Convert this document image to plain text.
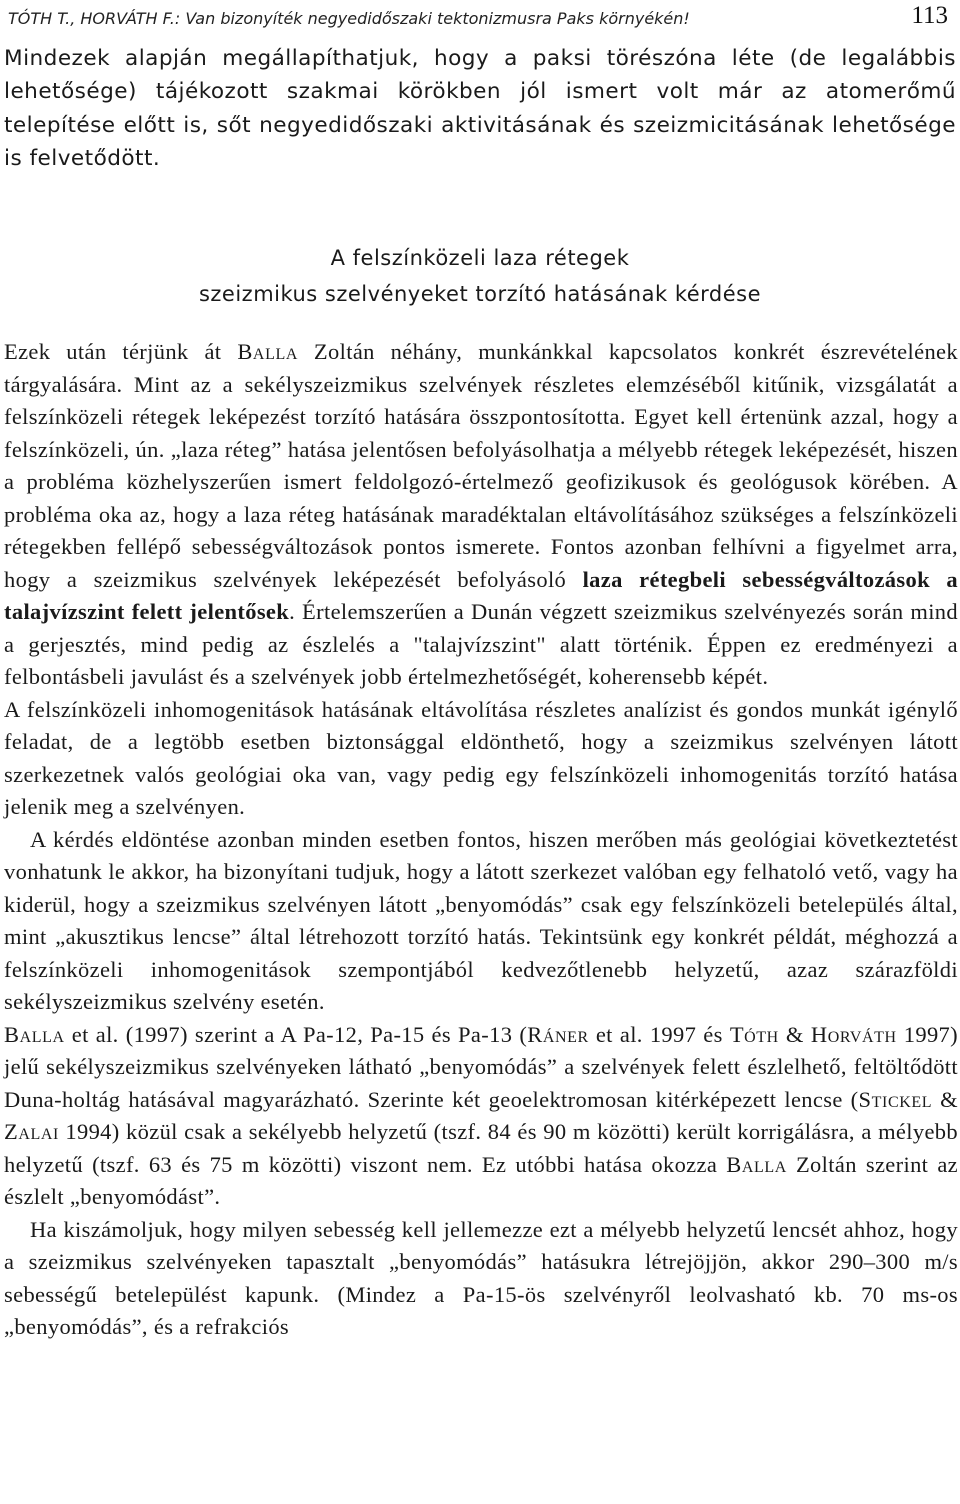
TÓTH T., HORVÁTH F.: Van bizonyíték negyedidőszaki tektonizmusra Paks környékén!	113

Mindezek alapján megállapíthatjuk, hogy a paksi törészóna léte (de legalábbis lehetősége) tájékozott szakmai körökben jól ismert volt már az atomerőmű telepítése előtt is, sőt negyedidőszaki aktivitásának és szeizmicitásának lehetősége is felvetődött.

A felszínközeli laza rétegek
szeizmikus szelvényeket torzító hatásának kérdése

Ezek után térjünk át Balla Zoltán néhány, munkánkkal kapcsolatos konkrét észrevételének tárgyalására. Mint az a sekélyszeizmikus szelvények részletes elemzéséből kitűnik, vizsgálatát a felszínközeli rétegek leképezést torzító hatására összpontosította. Egyet kell értenünk azzal, hogy a felszínközeli, ún. „laza réteg” hatása jelentősen befolyásolhatja a mélyebb rétegek leképezését, hiszen a probléma közhelyszerűen ismert feldolgozó-értelmező geofizikusok és geológusok körében. A probléma oka az, hogy a laza réteg hatásának maradéktalan eltávolításához szükséges a felszínközeli rétegekben fellépő sebességváltozások pontos ismerete. Fontos azonban felhívni a figyelmet arra, hogy a szeizmikus szelvények leképezését befolyásoló laza rétegbeli sebességváltozások a talajvízszint felett jelentősek. Értelemszerűen a Dunán végzett szeizmikus szelvényezés során mind a gerjesztés, mind pedig az észlelés a "talajvízszint" alatt történik. Éppen ez eredményezi a felbontásbeli javulást és a szelvények jobb értelmezhetőségét, koherensebb képét.

A felszínközeli inhomogenitások hatásának eltávolítása részletes analízist és gondos munkát igénylő feladat, de a legtöbb esetben biztonsággal eldönthető, hogy a szeizmikus szelvényen látott szerkezetnek valós geológiai oka van, vagy pedig egy felszínközeli inhomogenitás torzító hatása jelenik meg a szelvényen.

A kérdés eldöntése azonban minden esetben fontos, hiszen merőben más geológiai következtetést vonhatunk le akkor, ha bizonyítani tudjuk, hogy a látott szerkezet valóban egy felhatoló vető, vagy ha kiderül, hogy a szeizmikus szelvényen látott „benyomódás” csak egy felszínközeli betelepülés által, mint „akusztikus lencse” által létrehozott torzító hatás. Tekintsünk egy konkrét példát, méghozzá a felszínközeli inhomogenitások szempontjából kedvezőtlenebb helyzetű, azaz szárazföldi sekélyszeizmikus szelvény esetén.

Balla et al. (1997) szerint a A Pa-12, Pa-15 és Pa-13 (Ráner et al. 1997 és Tóth & Horváth 1997) jelű sekélyszeizmikus szelvényeken látható „benyomódás” a szelvények felett észlelhető, feltöltődött Duna-holtág hatásával magyarázható. Szerinte két geoelektromosan kitérképezett lencse (Stickel & Zalai 1994) közül csak a sekélyebb helyzetű (tszf. 84 és 90 m közötti) került korrigálásra, a mélyebb helyzetű (tszf. 63 és 75 m közötti) viszont nem. Ez utóbbi hatása okozza Balla Zoltán szerint az észlelt „benyomódást”.

Ha kiszámoljuk, hogy milyen sebesség kell jellemezze ezt a mélyebb helyzetű lencsét ahhoz, hogy a szeizmikus szelvényeken tapasztalt „benyomódás” hatásukra létrejöjjön, akkor 290–300 m/s sebességű betelepülést kapunk. (Mindez a Pa-15-ös szelvényről leolvasható kb. 70 ms-os „benyomódás”, és a refrakciós
